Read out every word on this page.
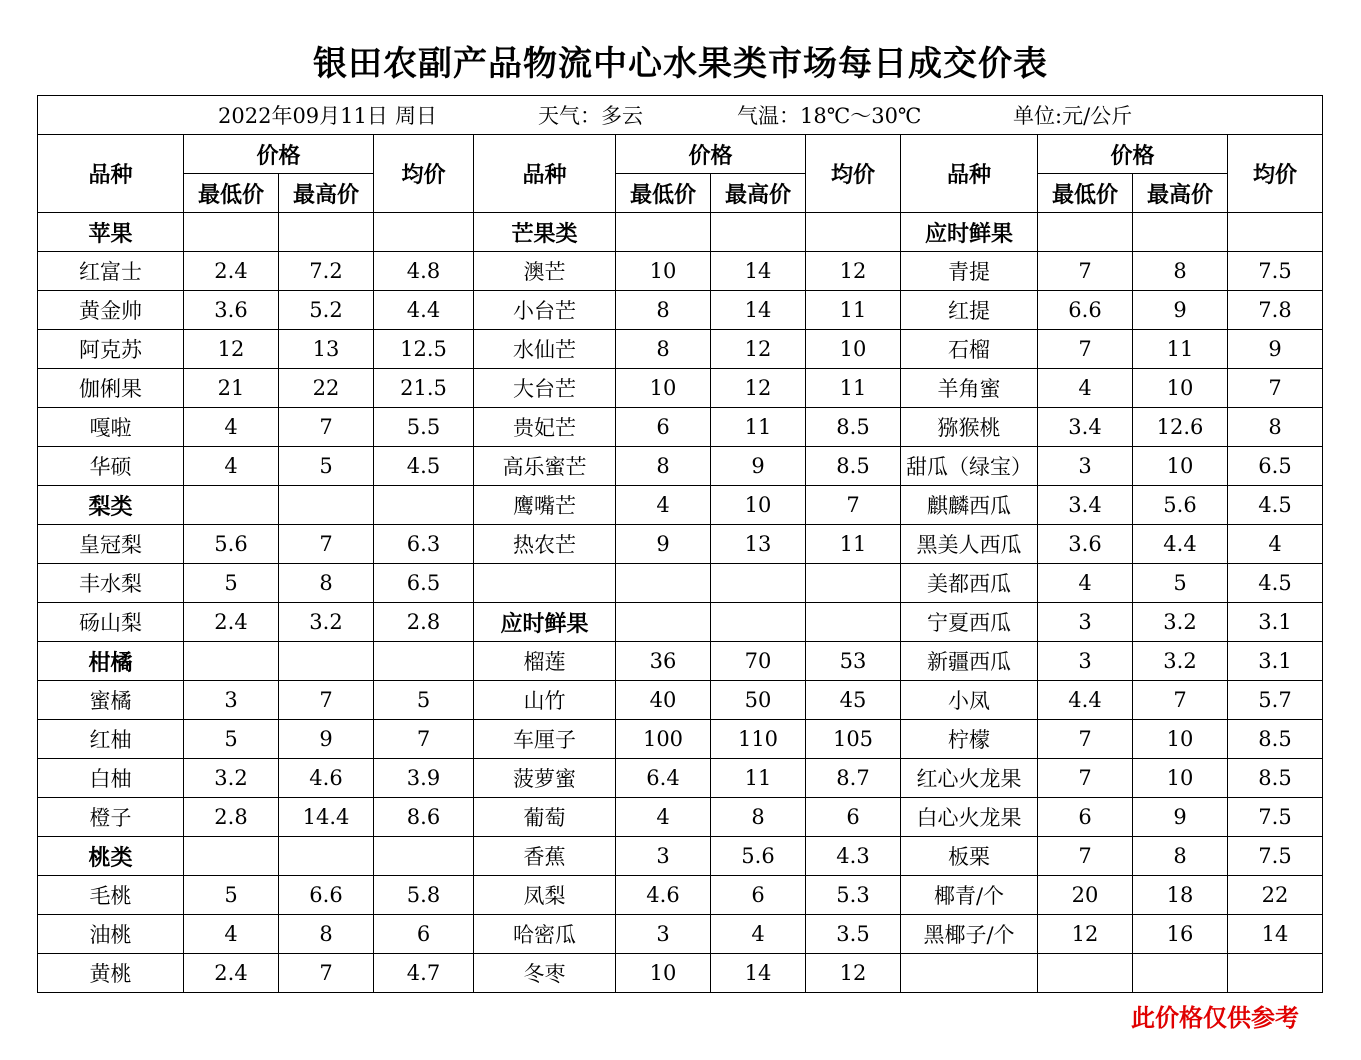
银田农副产品物流中心水果类市场每日成交价表
2022年09月11日 周日 天气：多云 气温：18℃～30℃ 单位:元/公斤											

品种	价格		均价	品种	价格		均价	品种	价格		均价
	最低价	最高价			最低价	最高价			最低价	最高价	
苹果				芒果类				应时鲜果			
红富士	2.4	7.2	4.8	澳芒	10	14	12	青提	7	8	7.5
黄金帅	3.6	5.2	4.4	小台芒	8	14	11	红提	6.6	9	7.8
阿克苏	12	13	12.5	水仙芒	8	12	10	石榴	7	11	9
伽俐果	21	22	21.5	大台芒	10	12	11	羊角蜜	4	10	7
嘎啦	4	7	5.5	贵妃芒	6	11	8.5	猕猴桃	3.4	12.6	8
华硕	4	5	4.5	高乐蜜芒	8	9	8.5	甜瓜（绿宝）	3	10	6.5
梨类				鹰嘴芒	4	10	7	麒麟西瓜	3.4	5.6	4.5
皇冠梨	5.6	7	6.3	热农芒	9	13	11	黑美人西瓜	3.6	4.4	4
丰水梨	5	8	6.5					美都西瓜	4	5	4.5
砀山梨	2.4	3.2	2.8	应时鲜果				宁夏西瓜	3	3.2	3.1
柑橘				榴莲	36	70	53	新疆西瓜	3	3.2	3.1
蜜橘	3	7	5	山竹	40	50	45	小凤	4.4	7	5.7
红柚	5	9	7	车厘子	100	110	105	柠檬	7	10	8.5
白柚	3.2	4.6	3.9	菠萝蜜	6.4	11	8.7	红心火龙果	7	10	8.5
橙子	2.8	14.4	8.6	葡萄	4	8	6	白心火龙果	6	9	7.5
桃类				香蕉	3	5.6	4.3	板栗	7	8	7.5
毛桃	5	6.6	5.8	凤梨	4.6	6	5.3	椰青/个	20	18	22
油桃	4	8	6	哈密瓜	3	4	3.5	黑椰子/个	12	16	14
黄桃	2.4	7	4.7	冬枣	10	14	12				
此价格仅供参考
